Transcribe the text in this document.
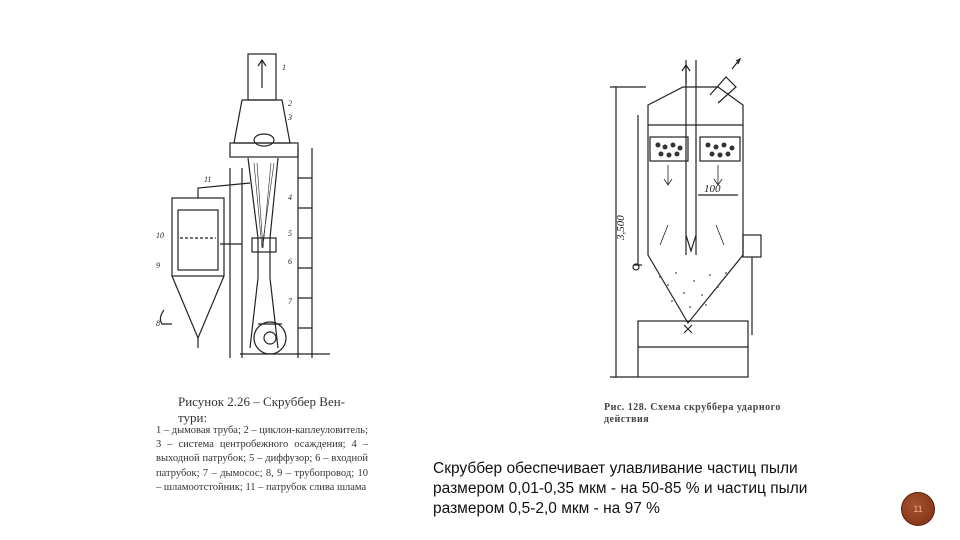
1
2
3
4
5
6
7
8
9
10
11
Рисунок 2.26 – Скруббер Вен-
тури:
1 – дымовая труба; 2 – циклон-каплеуловитель; 3 – система центробежного осаждения; 4 – выходной патрубок; 5 – диффузор; 6 – входной патрубок; 7 – дымосос; 8, 9 – трубопровод; 10 – шламоотстойник; 11 – патрубок слива шлама
3,500
100
Рис. 128. Схема скруббера ударного действия
Скруббер обеспечивает улавливание частиц пыли размером 0,01-0,35 мкм - на 50-85 % и частиц пыли размером 0,5-2,0 мкм - на 97 %	11
